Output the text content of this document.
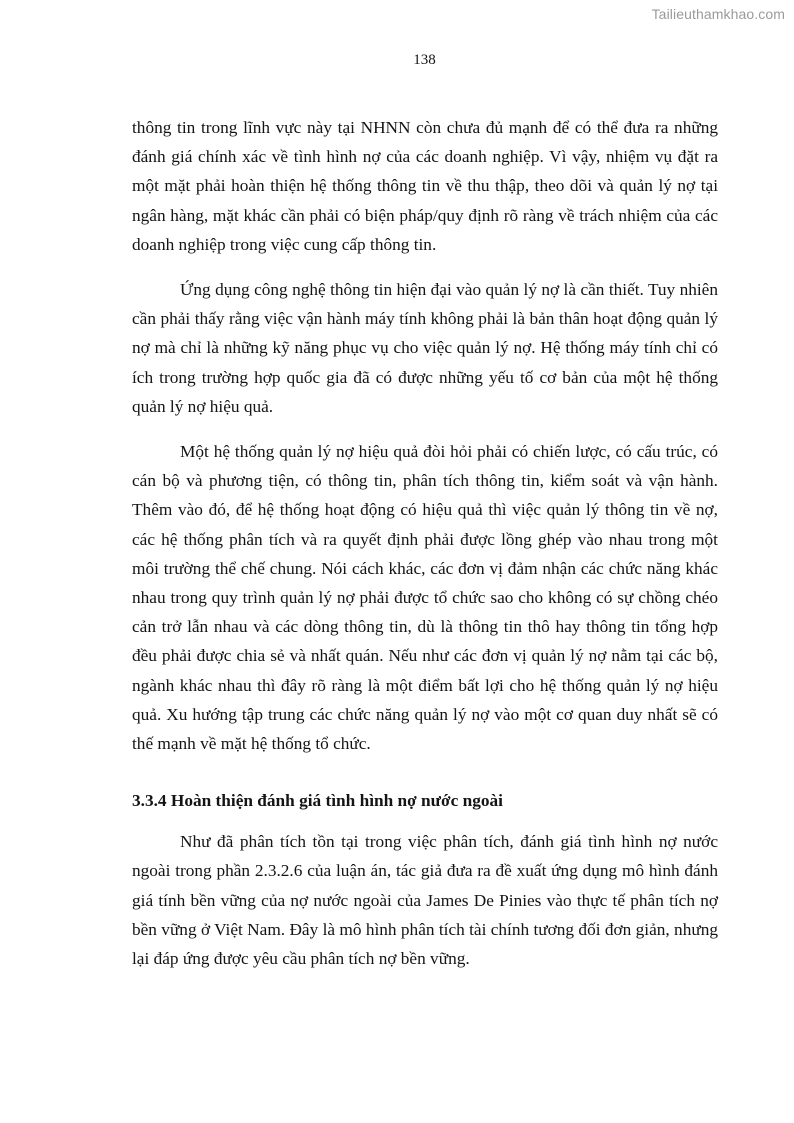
Tailieuthamkhao.com
138

thông tin trong lĩnh vực này tại NHNN còn chưa đủ mạnh để có thể đưa ra những đánh giá chính xác về tình hình nợ của các doanh nghiệp. Vì vậy, nhiệm vụ đặt ra một mặt phải hoàn thiện hệ thống thông tin về thu thập, theo dõi và quản lý nợ tại ngân hàng, mặt khác cần phải có biện pháp/quy định rõ ràng về trách nhiệm của các doanh nghiệp trong việc cung cấp thông tin.

Ứng dụng công nghệ thông tin hiện đại vào quản lý nợ là cần thiết. Tuy nhiên cần phải thấy rằng việc vận hành máy tính không phải là bản thân hoạt động quản lý nợ mà chỉ là những kỹ năng phục vụ cho việc quản lý nợ. Hệ thống máy tính chỉ có ích trong trường hợp quốc gia đã có được những yếu tố cơ bản của một hệ thống quản lý nợ hiệu quả.

Một hệ thống quản lý nợ hiệu quả đòi hỏi phải có chiến lược, có cấu trúc, có cán bộ và phương tiện, có thông tin, phân tích thông tin, kiểm soát và vận hành. Thêm vào đó, để hệ thống hoạt động có hiệu quả thì việc quản lý thông tin về nợ, các hệ thống phân tích và ra quyết định phải được lồng ghép vào nhau trong một môi trường thể chế chung. Nói cách khác, các đơn vị đảm nhận các chức năng khác nhau trong quy trình quản lý nợ phải được tổ chức sao cho không có sự chồng chéo cản trở lẫn nhau và các dòng thông tin, dù là thông tin thô hay thông tin tổng hợp đều phải được chia sẻ và nhất quán. Nếu như các đơn vị quản lý nợ nằm tại các bộ, ngành khác nhau thì đây rõ ràng là một điểm bất lợi cho hệ thống quản lý nợ hiệu quả. Xu hướng tập trung các chức năng quản lý nợ vào một cơ quan duy nhất sẽ có thế mạnh về mặt hệ thống tổ chức.

3.3.4 Hoàn thiện đánh giá tình hình nợ nước ngoài

Như đã phân tích tồn tại trong việc phân tích, đánh giá tình hình nợ nước ngoài trong phần 2.3.2.6 của luận án, tác giả đưa ra đề xuất ứng dụng mô hình đánh giá tính bền vững của nợ nước ngoài của James De Pinies vào thực tế phân tích nợ bền vững ở Việt Nam. Đây là mô hình phân tích tài chính tương đối đơn giản, nhưng lại đáp ứng được yêu cầu phân tích nợ bền vững.
